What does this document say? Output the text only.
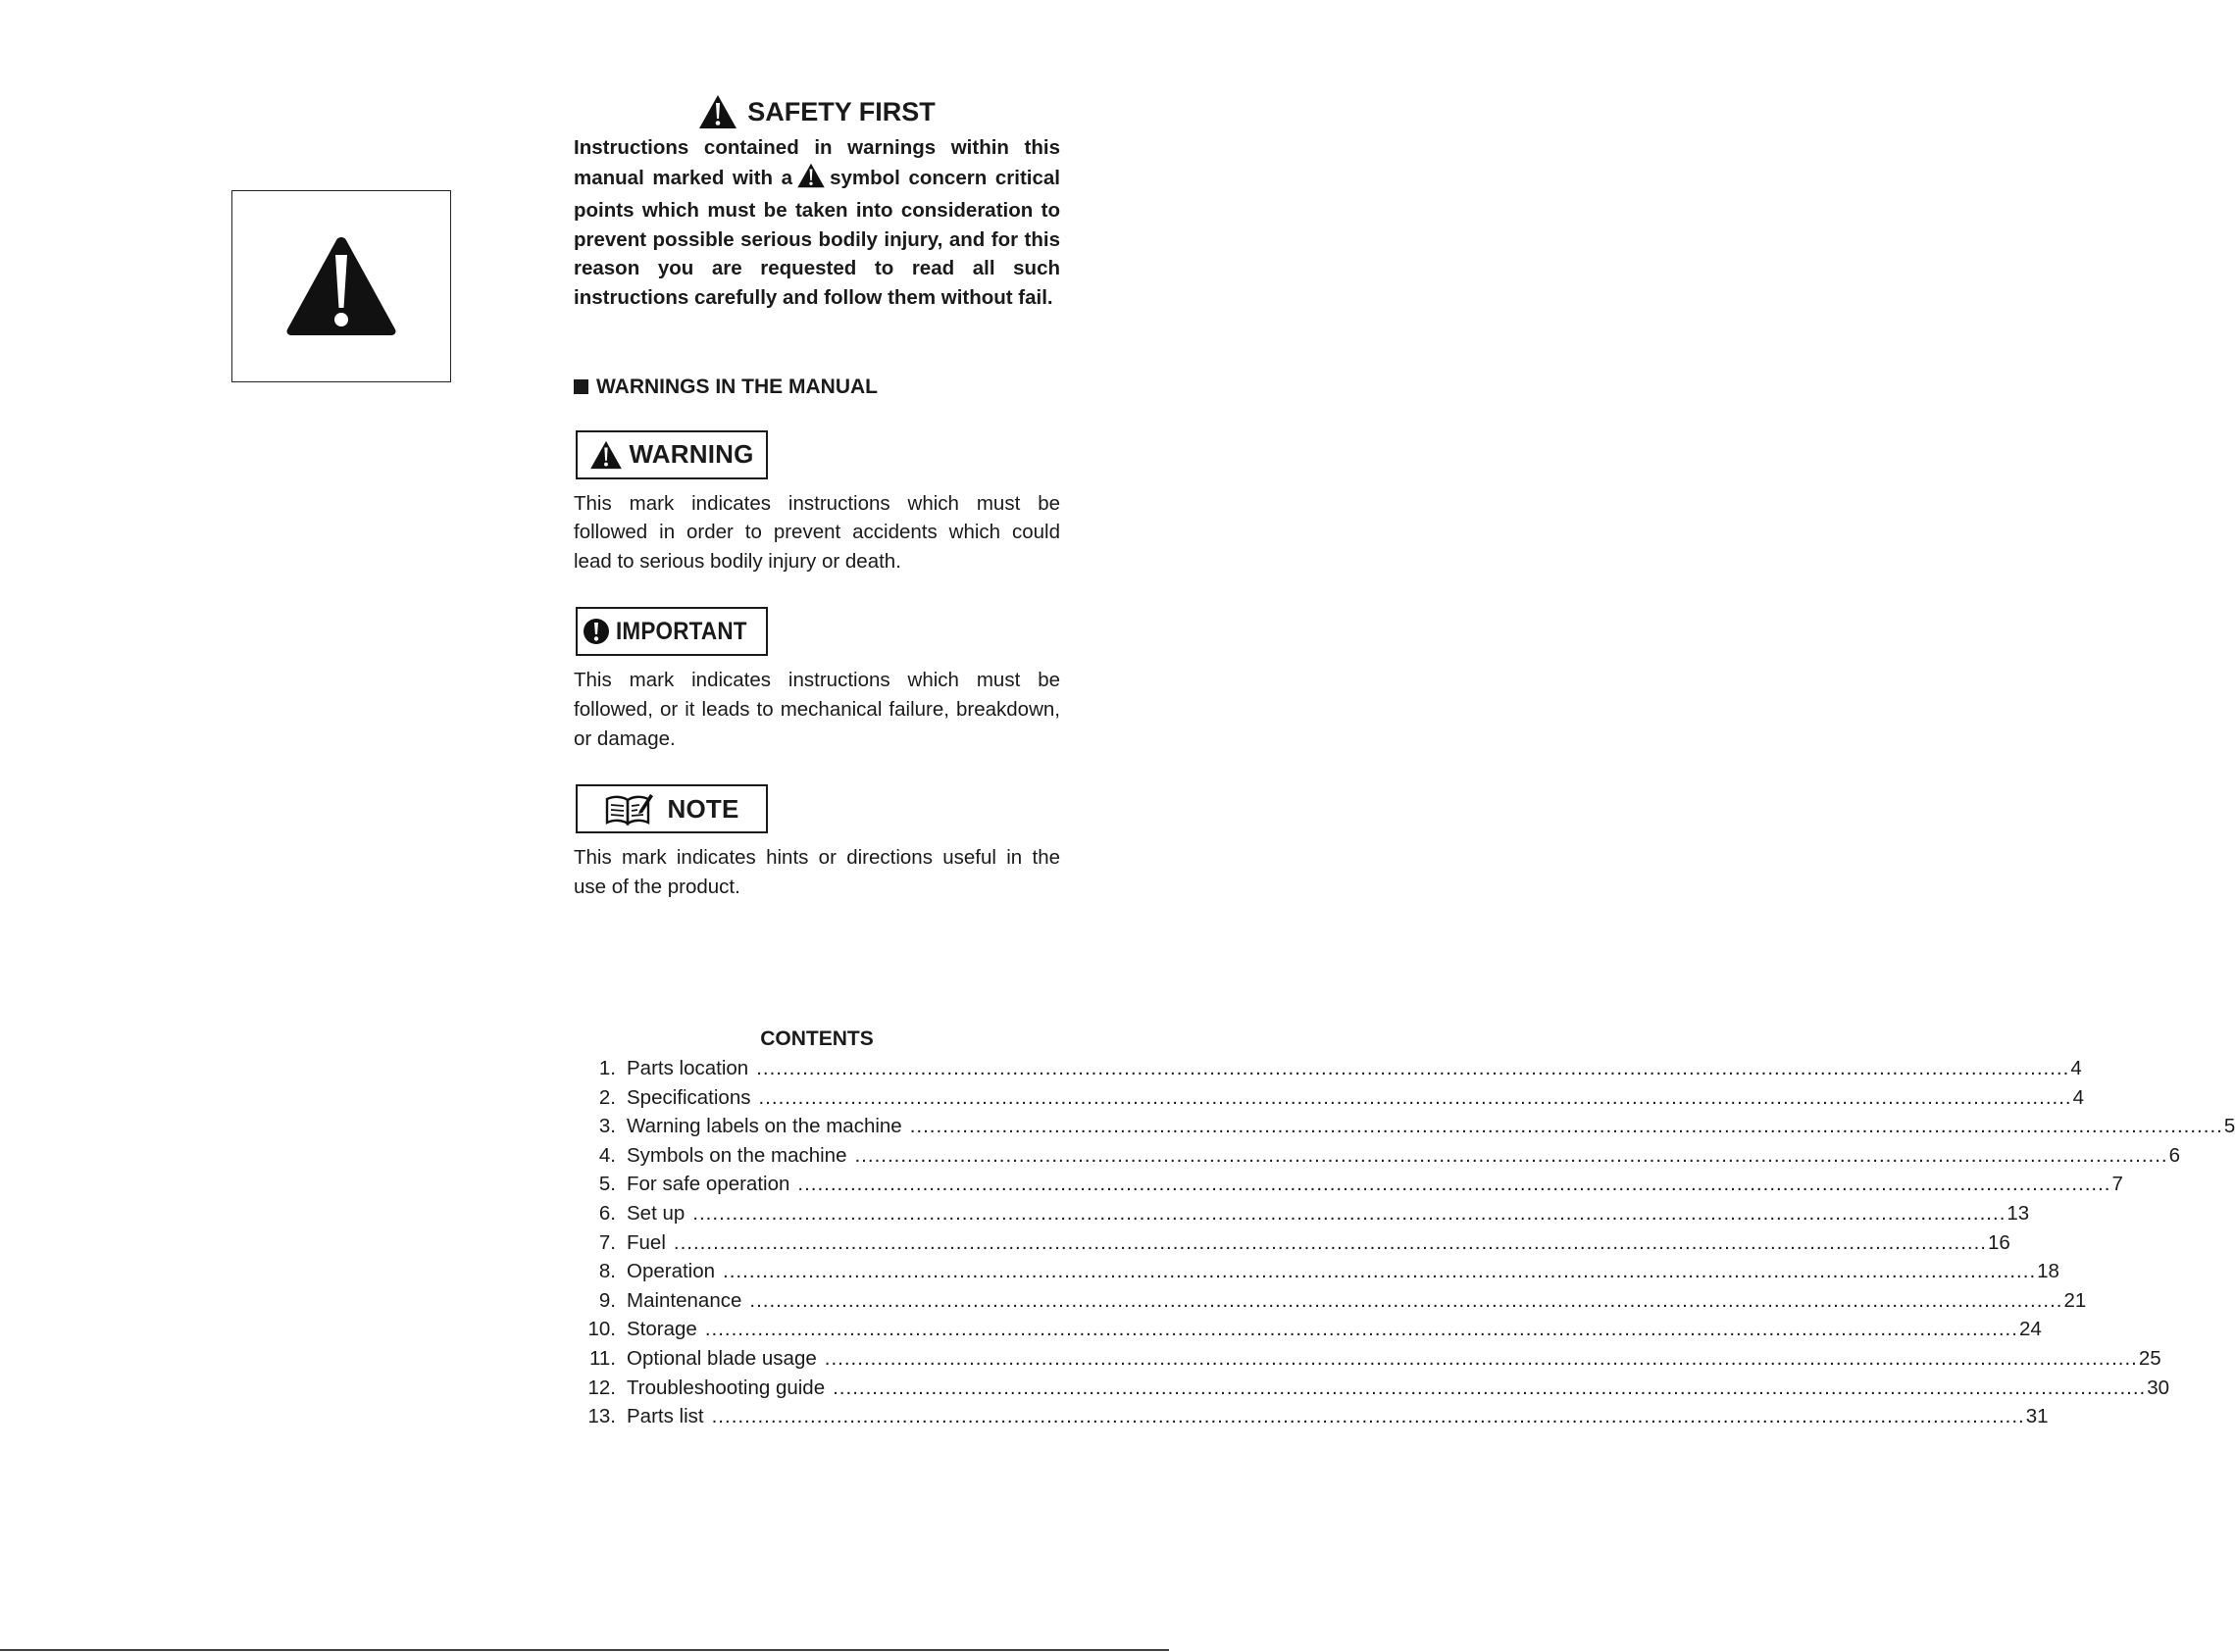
SAFETY FIRST

Instructions contained in warnings within this manual marked with a symbol concern critical points which must be taken into consideration to prevent possible serious bodily injury, and for this reason you are requested to read all such instructions carefully and follow them without fail.

WARNINGS IN THE MANUAL
WARNING

This mark indicates instructions which must be followed in order to prevent accidents which could lead to serious bodily injury or death.

IMPORTANT

This mark indicates instructions which must be followed, or it leads to mechanical failure, breakdown, or damage.

NOTE

This mark indicates hints or directions useful in the use of the product.

CONTENTS
1. Parts location ........................................................................................................................................................................................................ 4
2. Specifications ........................................................................................................................................................................................................ 4
3. Warning labels on the machine ........................................................................................................................................................................................................ 5
4. Symbols on the machine ........................................................................................................................................................................................................ 6
5. For safe operation ........................................................................................................................................................................................................ 7
6. Set up ........................................................................................................................................................................................................ 13
7. Fuel ........................................................................................................................................................................................................ 16
8. Operation ........................................................................................................................................................................................................ 18
9. Maintenance ........................................................................................................................................................................................................ 21
10. Storage ........................................................................................................................................................................................................ 24
11. Optional blade usage ........................................................................................................................................................................................................ 25
12. Troubleshooting guide ........................................................................................................................................................................................................ 30
13. Parts list ........................................................................................................................................................................................................ 31
